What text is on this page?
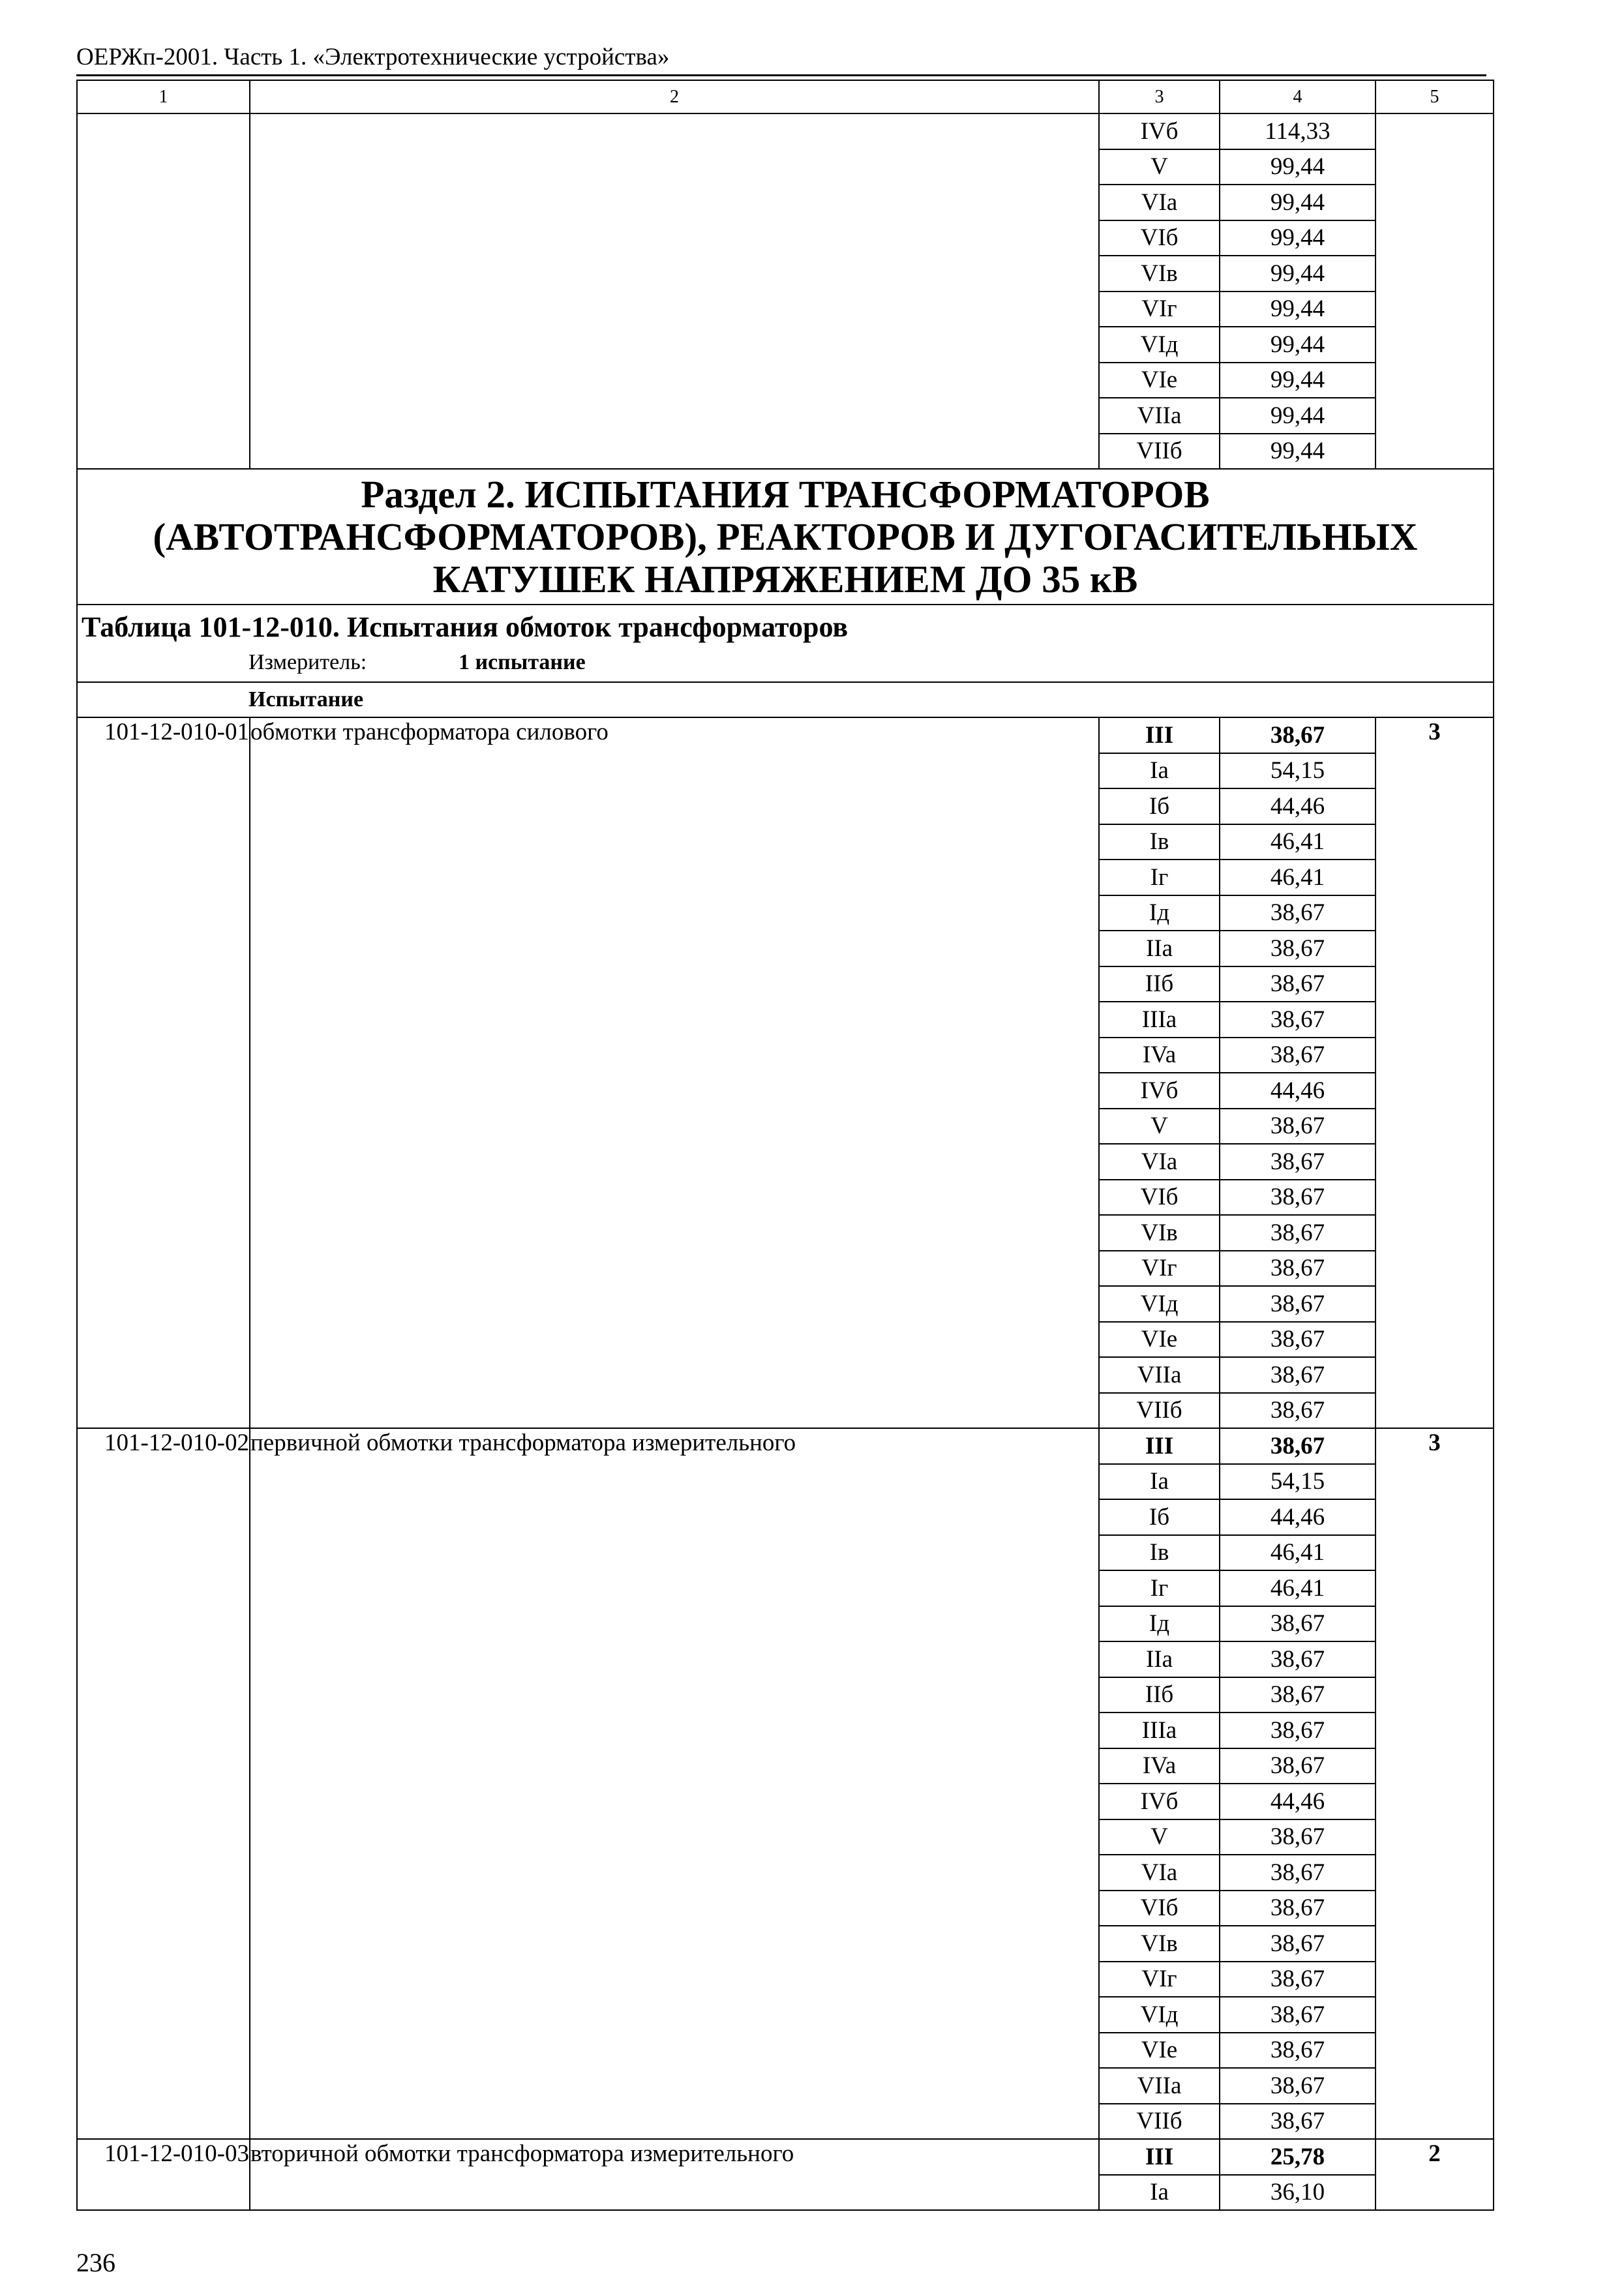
ОЕРЖп-2001. Часть 1. «Электротехнические устройства»
1	2	3	4	5
		IVб	114,33	
		V	99,44	
		VIa	99,44	
		VIб	99,44	
		VIв	99,44	
		VIг	99,44	
		VIд	99,44	
		VIe	99,44	
		VIIa	99,44	
		VIIб	99,44	

Раздел 2. ИСПЫТАНИЯ ТРАНСФОРМАТОРОВ
(АВТОТРАНСФОРМАТОРОВ), РЕАКТОРОВ И ДУГОГАСИТЕЛЬНЫХ
КАТУШЕК НАПРЯЖЕНИЕМ ДО 35 кВ				

Таблица 101-12-010. Испытания обмоток трансформаторов				
Измеритель: 1 испытание				
Испытание				
101-12-010-01	обмотки трансформатора силового	III	38,67	3
		Ia	54,15	
		Iб	44,46	
		Iв	46,41	
		Iг	46,41	
		Iд	38,67	
		IIa	38,67	
		IIб	38,67	
		IIIa	38,67	
		IVa	38,67	
		IVб	44,46	
		V	38,67	
		VIa	38,67	
		VIб	38,67	
		VIв	38,67	
		VIг	38,67	
		VIд	38,67	
		VIe	38,67	
		VIIa	38,67	
		VIIб	38,67	
101-12-010-02	первичной обмотки трансформатора измерительного	III	38,67	3
		Ia	54,15	
		Iб	44,46	
		Iв	46,41	
		Iг	46,41	
		Iд	38,67	
		IIa	38,67	
		IIб	38,67	
		IIIa	38,67	
		IVa	38,67	
		IVб	44,46	
		V	38,67	
		VIa	38,67	
		VIб	38,67	
		VIв	38,67	
		VIг	38,67	
		VIд	38,67	
		VIe	38,67	
		VIIa	38,67	
		VIIб	38,67	
101-12-010-03	вторичной обмотки трансформатора измерительного	III	25,78	2
		Ia	36,10	
236
